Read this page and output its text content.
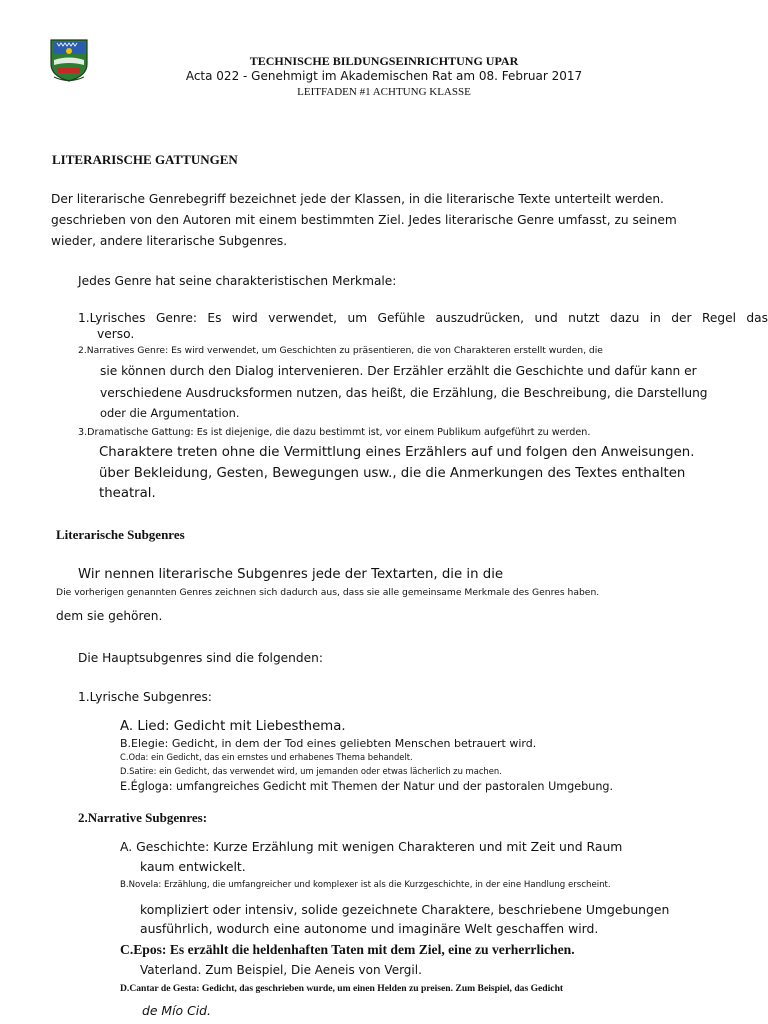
TECHNISCHE BILDUNGSEINRICHTUNG UPAR
Acta 022 - Genehmigt im Akademischen Rat am 08. Februar 2017
LEITFADEN #1 ACHTUNG KLASSE
LITERARISCHE GATTUNGEN
Der literarische Genrebegriff bezeichnet jede der Klassen, in die literarische Texte unterteilt werden.
geschrieben von den Autoren mit einem bestimmten Ziel. Jedes literarische Genre umfasst, zu seinem
wieder, andere literarische Subgenres.
Jedes Genre hat seine charakteristischen Merkmale:
1.Lyrisches Genre: Es wird verwendet, um Gefühle auszudrücken, und nutzt dazu in der Regel das
verso.
2.Narratives Genre: Es wird verwendet, um Geschichten zu präsentieren, die von Charakteren erstellt wurden, die
sie können durch den Dialog intervenieren. Der Erzähler erzählt die Geschichte und dafür kann er
verschiedene Ausdrucksformen nutzen, das heißt, die Erzählung, die Beschreibung, die Darstellung
oder die Argumentation.
3.Dramatische Gattung: Es ist diejenige, die dazu bestimmt ist, vor einem Publikum aufgeführt zu werden.
Charaktere treten ohne die Vermittlung eines Erzählers auf und folgen den Anweisungen.
über Bekleidung, Gesten, Bewegungen usw., die die Anmerkungen des Textes enthalten
theatral.
Literarische Subgenres
Wir nennen literarische Subgenres jede der Textarten, die in die
Die vorherigen genannten Genres zeichnen sich dadurch aus, dass sie alle gemeinsame Merkmale des Genres haben.
dem sie gehören.
Die Hauptsubgenres sind die folgenden:
1.Lyrische Subgenres:
A. Lied: Gedicht mit Liebesthema.
B.Elegie: Gedicht, in dem der Tod eines geliebten Menschen betrauert wird.
C.Oda: ein Gedicht, das ein ernstes und erhabenes Thema behandelt.
D.Satire: ein Gedicht, das verwendet wird, um jemanden oder etwas lächerlich zu machen.
E.Égloga: umfangreiches Gedicht mit Themen der Natur und der pastoralen Umgebung.
2.Narrative Subgenres:
A. Geschichte: Kurze Erzählung mit wenigen Charakteren und mit Zeit und Raum
kaum entwickelt.
B.Novela: Erzählung, die umfangreicher und komplexer ist als die Kurzgeschichte, in der eine Handlung erscheint.
kompliziert oder intensiv, solide gezeichnete Charaktere, beschriebene Umgebungen
ausführlich, wodurch eine autonome und imaginäre Welt geschaffen wird.
C.Epos: Es erzählt die heldenhaften Taten mit dem Ziel, eine zu verherrlichen.
Vaterland. Zum Beispiel, Die Aeneis von Vergil.
D.Cantar de Gesta: Gedicht, das geschrieben wurde, um einen Helden zu preisen. Zum Beispiel, das Gedicht
de Mío Cid.
